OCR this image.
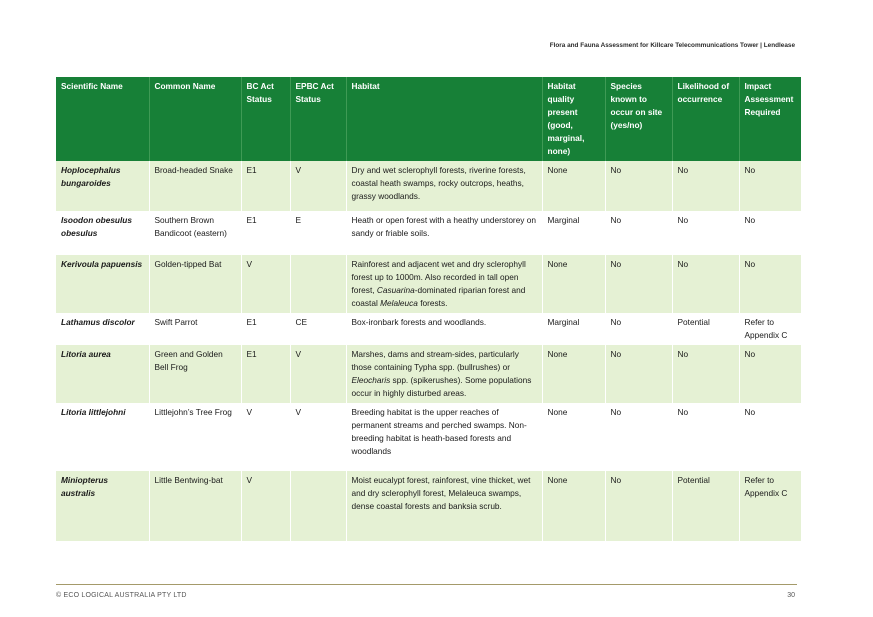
Flora and Fauna Assessment for Killcare Telecommunications Tower | Lendlease
Scientific Name	Common Name	BC Act Status	EPBC Act Status	Habitat	Habitat quality present (good, marginal, none)	Species known to occur on site (yes/no)	Likelihood of occurrence	Impact Assessment Required
Hoplocephalus bungaroides	Broad-headed Snake	E1	V	Dry and wet sclerophyll forests, riverine forests, coastal heath swamps, rocky outcrops, heaths, grassy woodlands.	None	No	No	No
Isoodon obesulus obesulus	Southern Brown Bandicoot (eastern)	E1	E	Heath or open forest with a heathy understorey on sandy or friable soils.	Marginal	No	No	No
Kerivoula papuensis	Golden-tipped Bat	V		Rainforest and adjacent wet and dry sclerophyll forest up to 1000m. Also recorded in tall open forest, Casuarina-dominated riparian forest and coastal Melaleuca forests.	None	No	No	No
Lathamus discolor	Swift Parrot	E1	CE	Box-ironbark forests and woodlands.	Marginal	No	Potential	Refer to Appendix C
Litoria aurea	Green and Golden Bell Frog	E1	V	Marshes, dams and stream-sides, particularly those containing Typha spp. (bullrushes) or Eleocharis spp. (spikerushes). Some populations occur in highly disturbed areas.	None	No	No	No
Litoria littlejohni	Littlejohn’s Tree Frog	V	V	Breeding habitat is the upper reaches of permanent streams and perched swamps. Non-breeding habitat is heath-based forests and woodlands	None	No	No	No
Miniopterus australis	Little Bentwing-bat	V		Moist eucalypt forest, rainforest, vine thicket, wet and dry sclerophyll forest, Melaleuca swamps, dense coastal forests and banksia scrub.	None	No	Potential	Refer to Appendix C
© ECO LOGICAL AUSTRALIA PTY LTD	30
